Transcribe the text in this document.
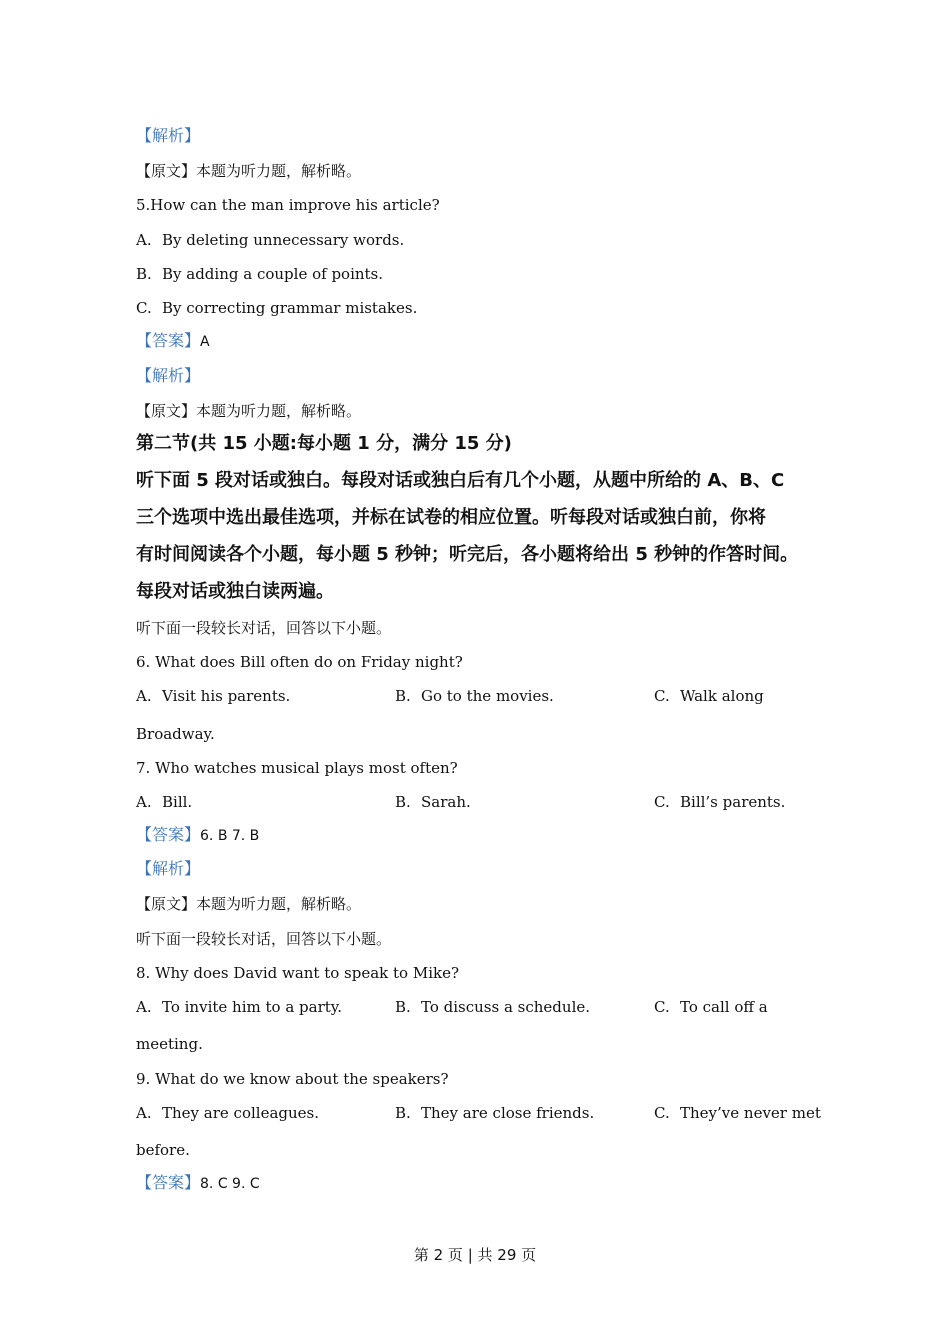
【解析】
【原文】本题为听力题，解析略。
5.How can the man improve his article?
A. By deleting unnecessary words.
B. By adding a couple of points.
C. By correcting grammar mistakes.
【答案】A
【解析】
【原文】本题为听力题，解析略。
第二节(共 15 小题:每小题 1 分，满分 15 分)
听下面 5 段对话或独白。每段对话或独白后有几个小题，从题中所给的 A、B、C
三个选项中选出最佳选项，并标在试卷的相应位置。听每段对话或独白前，你将
有时间阅读各个小题，每小题 5 秒钟；听完后，各小题将给出 5 秒钟的作答时间。
每段对话或独白读两遍。
听下面一段较长对话，回答以下小题。
6. What does Bill often do on Friday night?
A. Visit his parents.	B. Go to the movies.	C. Walk along
Broadway.
7. Who watches musical plays most often?
A. Bill.	B. Sarah.	C. Bill’s parents.
【答案】6. B 7. B
【解析】
【原文】本题为听力题，解析略。
听下面一段较长对话，回答以下小题。
8. Why does David want to speak to Mike?
A. To invite him to a party.	B. To discuss a schedule.	C. To call off a
meeting.
9. What do we know about the speakers?
A. They are colleagues.	B. They are close friends.	C. They’ve never met
before.
【答案】8. C 9. C
第 2 页 | 共 29 页
